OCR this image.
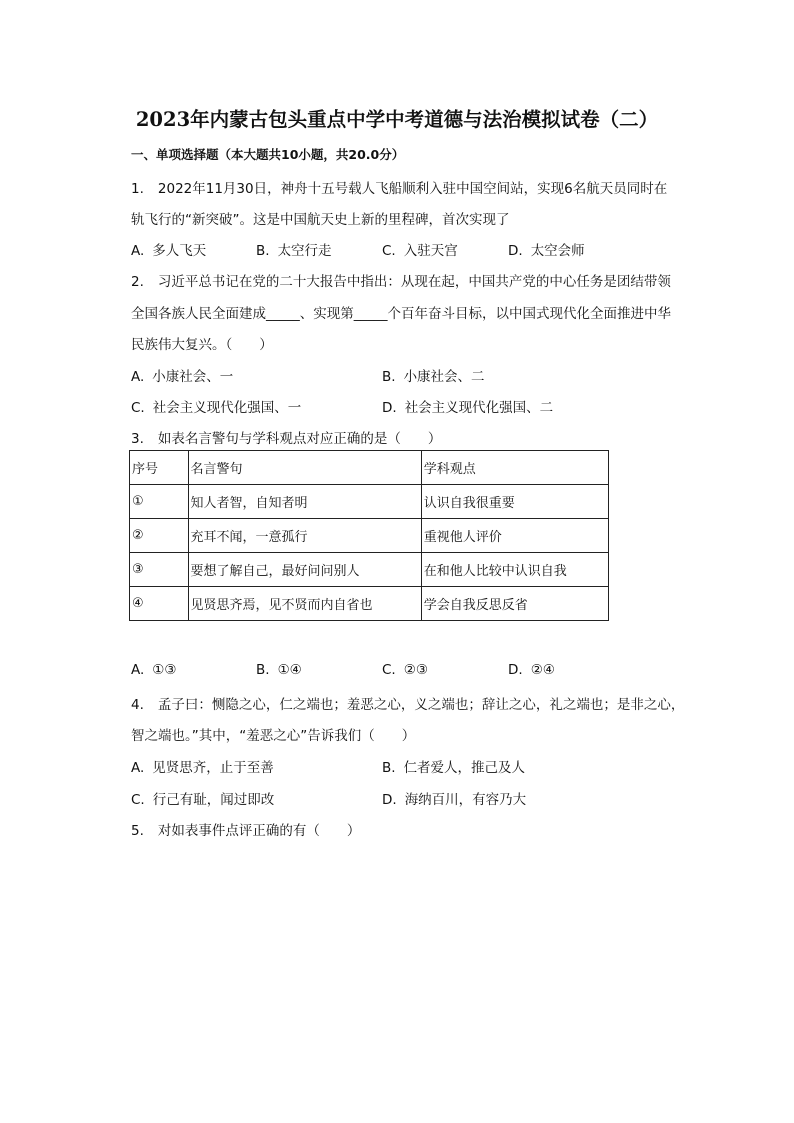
2023年内蒙古包头重点中学中考道德与法治模拟试卷（二）
一、单项选择题（本大题共10小题，共20.0分）
1. 2022年11月30日，神舟十五号载人飞船顺利入驻中国空间站，实现6名航天员同时在
轨飞行的“新突破”。这是中国航天史上新的里程碑，首次实现了
A. 多人飞天	B. 太空行走	C. 入驻天宫	D. 太空会师
2. 习近平总书记在党的二十大报告中指出：从现在起，中国共产党的中心任务是团结带领
全国各族人民全面建成_____、实现第_____个百年奋斗目标，以中国式现代化全面推进中华
民族伟大复兴。（　　）
A. 小康社会、一	B. 小康社会、二
C. 社会主义现代化强国、一	D. 社会主义现代化强国、二
3. 如表名言警句与学科观点对应正确的是（　　）
序号	名言警句	学科观点
①	知人者智，自知者明	认识自我很重要
②	充耳不闻，一意孤行	重视他人评价
③	要想了解自己，最好问问别人	在和他人比较中认识自我
④	见贤思齐焉，见不贤而内自省也	学会自我反思反省
A. ①③	B. ①④	C. ②③	D. ②④
4. 孟子曰：恻隐之心，仁之端也；羞恶之心，义之端也；辞让之心，礼之端也；是非之心，
智之端也。”其中，“羞恶之心”告诉我们（　　）
A. 见贤思齐，止于至善	B. 仁者爱人，推己及人
C. 行己有耻，闻过即改	D. 海纳百川，有容乃大
5. 对如表事件点评正确的有（　　）
